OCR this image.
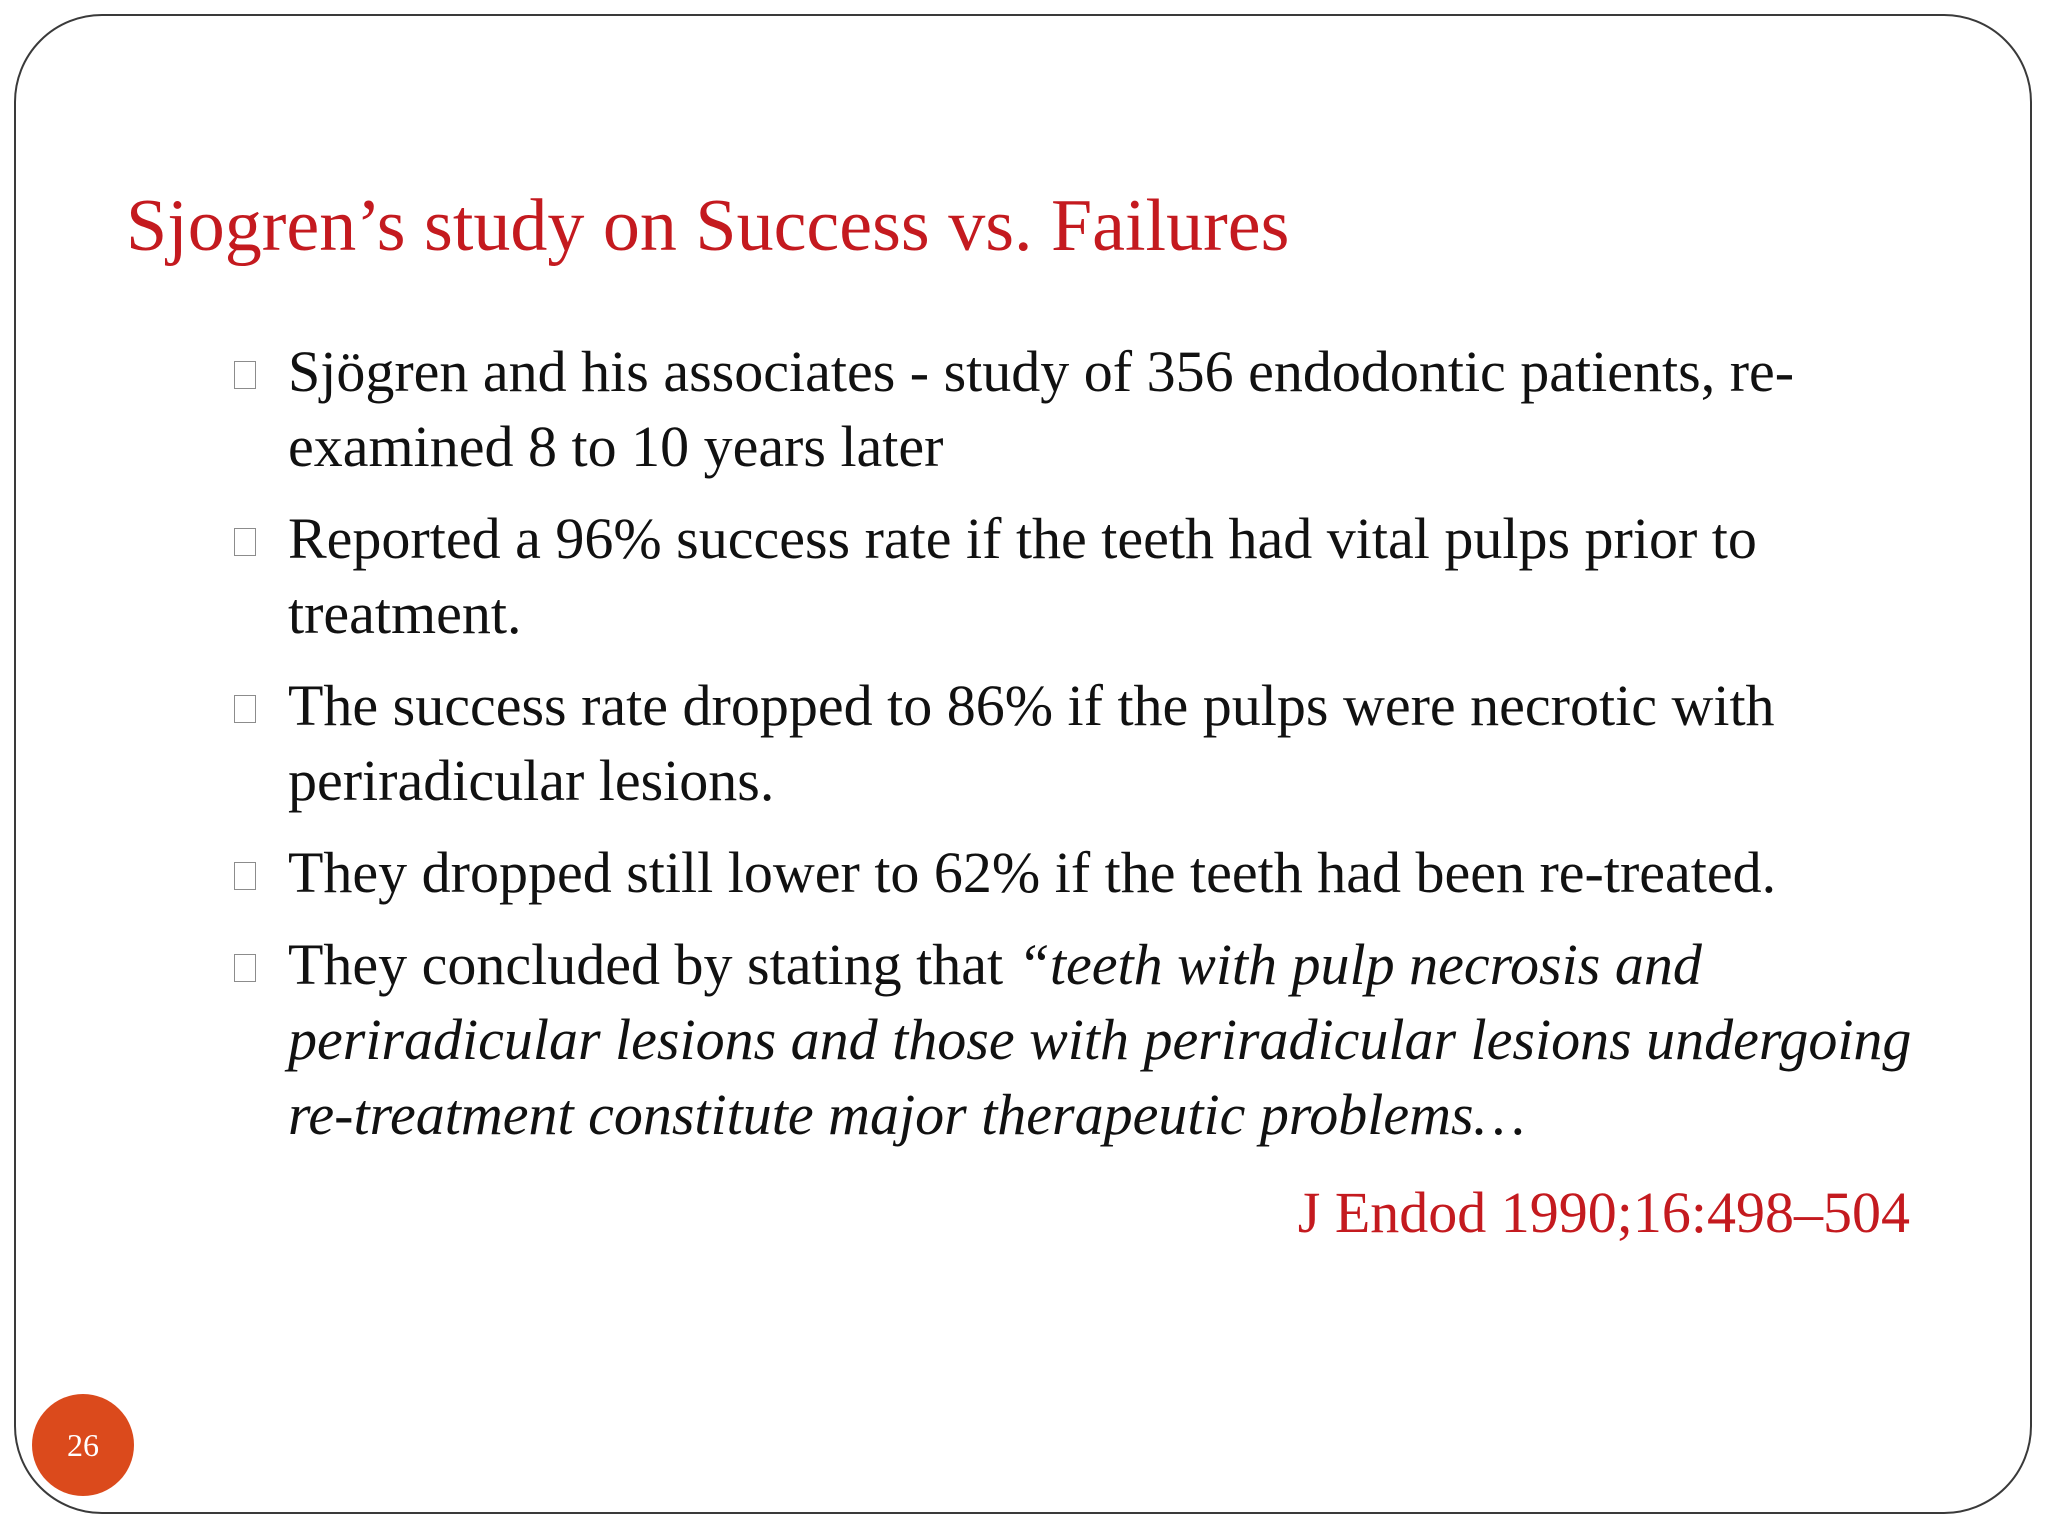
Sjogren’s study on Success vs. Failures
Sjögren and his associates - study of 356 endodontic patients, re-examined 8 to 10 years later
Reported a 96% success rate if the teeth had vital pulps prior to treatment.
The success rate dropped to 86% if the pulps were necrotic with periradicular lesions.
They dropped still lower to 62% if the teeth had been re-treated.
They concluded by stating that “teeth with pulp necrosis and periradicular lesions and those with periradicular lesions undergoing re-treatment constitute major therapeutic problems…

J Endod 1990;16:498–504

26
